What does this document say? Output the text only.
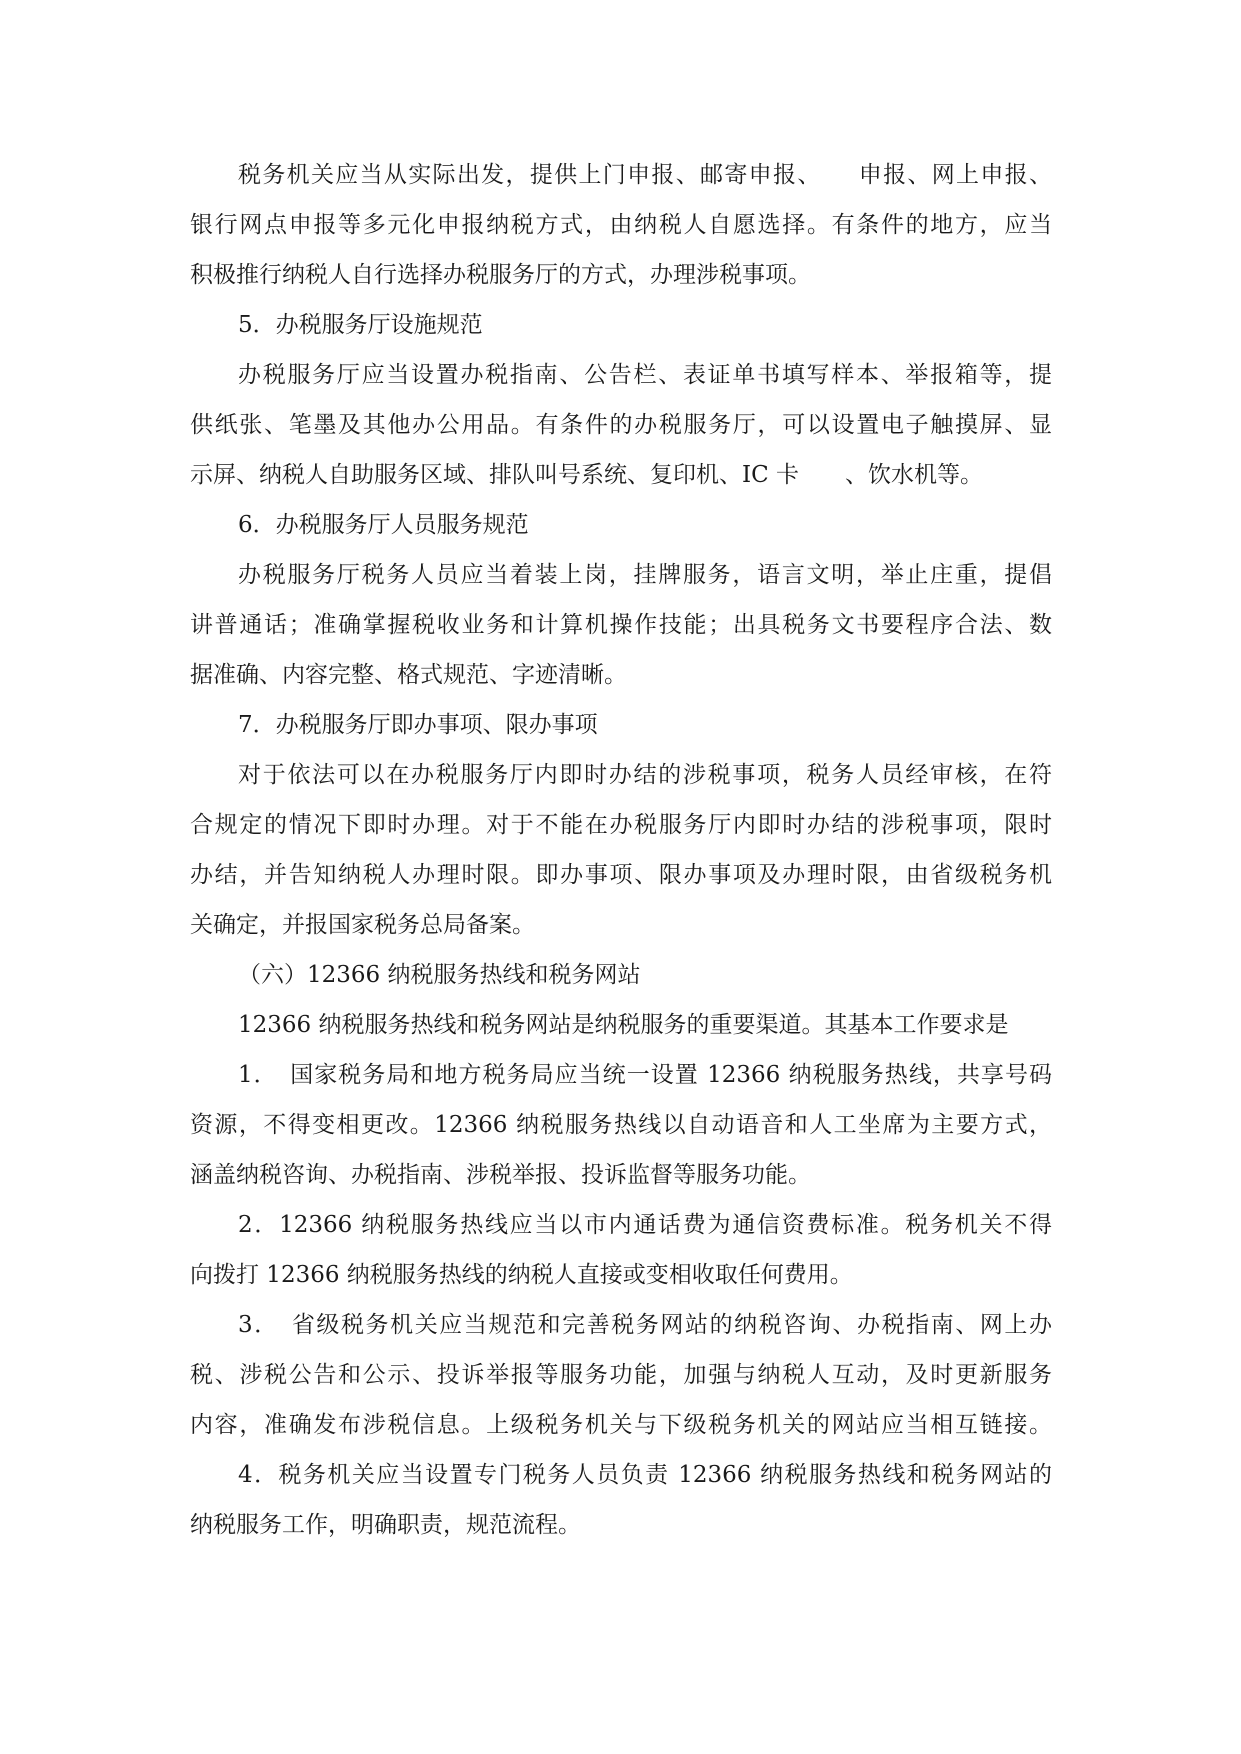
税务机关应当从实际出发，提供上门申报、邮寄申报、　　申报、网上申报、
银行网点申报等多元化申报纳税方式，由纳税人自愿选择。有条件的地方，应当
积极推行纳税人自行选择办税服务厅的方式，办理涉税事项。
5．办税服务厅设施规范
办税服务厅应当设置办税指南、公告栏、表证单书填写样本、举报箱等，提
供纸张、笔墨及其他办公用品。有条件的办税服务厅，可以设置电子触摸屏、显
示屏、纳税人自助服务区域、排队叫号系统、复印机、IC 卡　　、饮水机等。
6．办税服务厅人员服务规范
办税服务厅税务人员应当着装上岗，挂牌服务，语言文明，举止庄重，提倡
讲普通话；准确掌握税收业务和计算机操作技能；出具税务文书要程序合法、数
据准确、内容完整、格式规范、字迹清晰。
7．办税服务厅即办事项、限办事项
对于依法可以在办税服务厅内即时办结的涉税事项，税务人员经审核，在符
合规定的情况下即时办理。对于不能在办税服务厅内即时办结的涉税事项，限时
办结，并告知纳税人办理时限。即办事项、限办事项及办理时限，由省级税务机
关确定，并报国家税务总局备案。
（六）12366 纳税服务热线和税务网站
12366 纳税服务热线和税务网站是纳税服务的重要渠道。其基本工作要求是
1．　国家税务局和地方税务局应当统一设置 12366 纳税服务热线，共享号码
资源，不得变相更改。12366 纳税服务热线以自动语音和人工坐席为主要方式，
涵盖纳税咨询、办税指南、涉税举报、投诉监督等服务功能。
2．12366 纳税服务热线应当以市内通话费为通信资费标准。税务机关不得
向拨打 12366 纳税服务热线的纳税人直接或变相收取任何费用。
3．　省级税务机关应当规范和完善税务网站的纳税咨询、办税指南、网上办
税、涉税公告和公示、投诉举报等服务功能，加强与纳税人互动，及时更新服务
内容，准确发布涉税信息。上级税务机关与下级税务机关的网站应当相互链接。
4．税务机关应当设置专门税务人员负责 12366 纳税服务热线和税务网站的
纳税服务工作，明确职责，规范流程。
